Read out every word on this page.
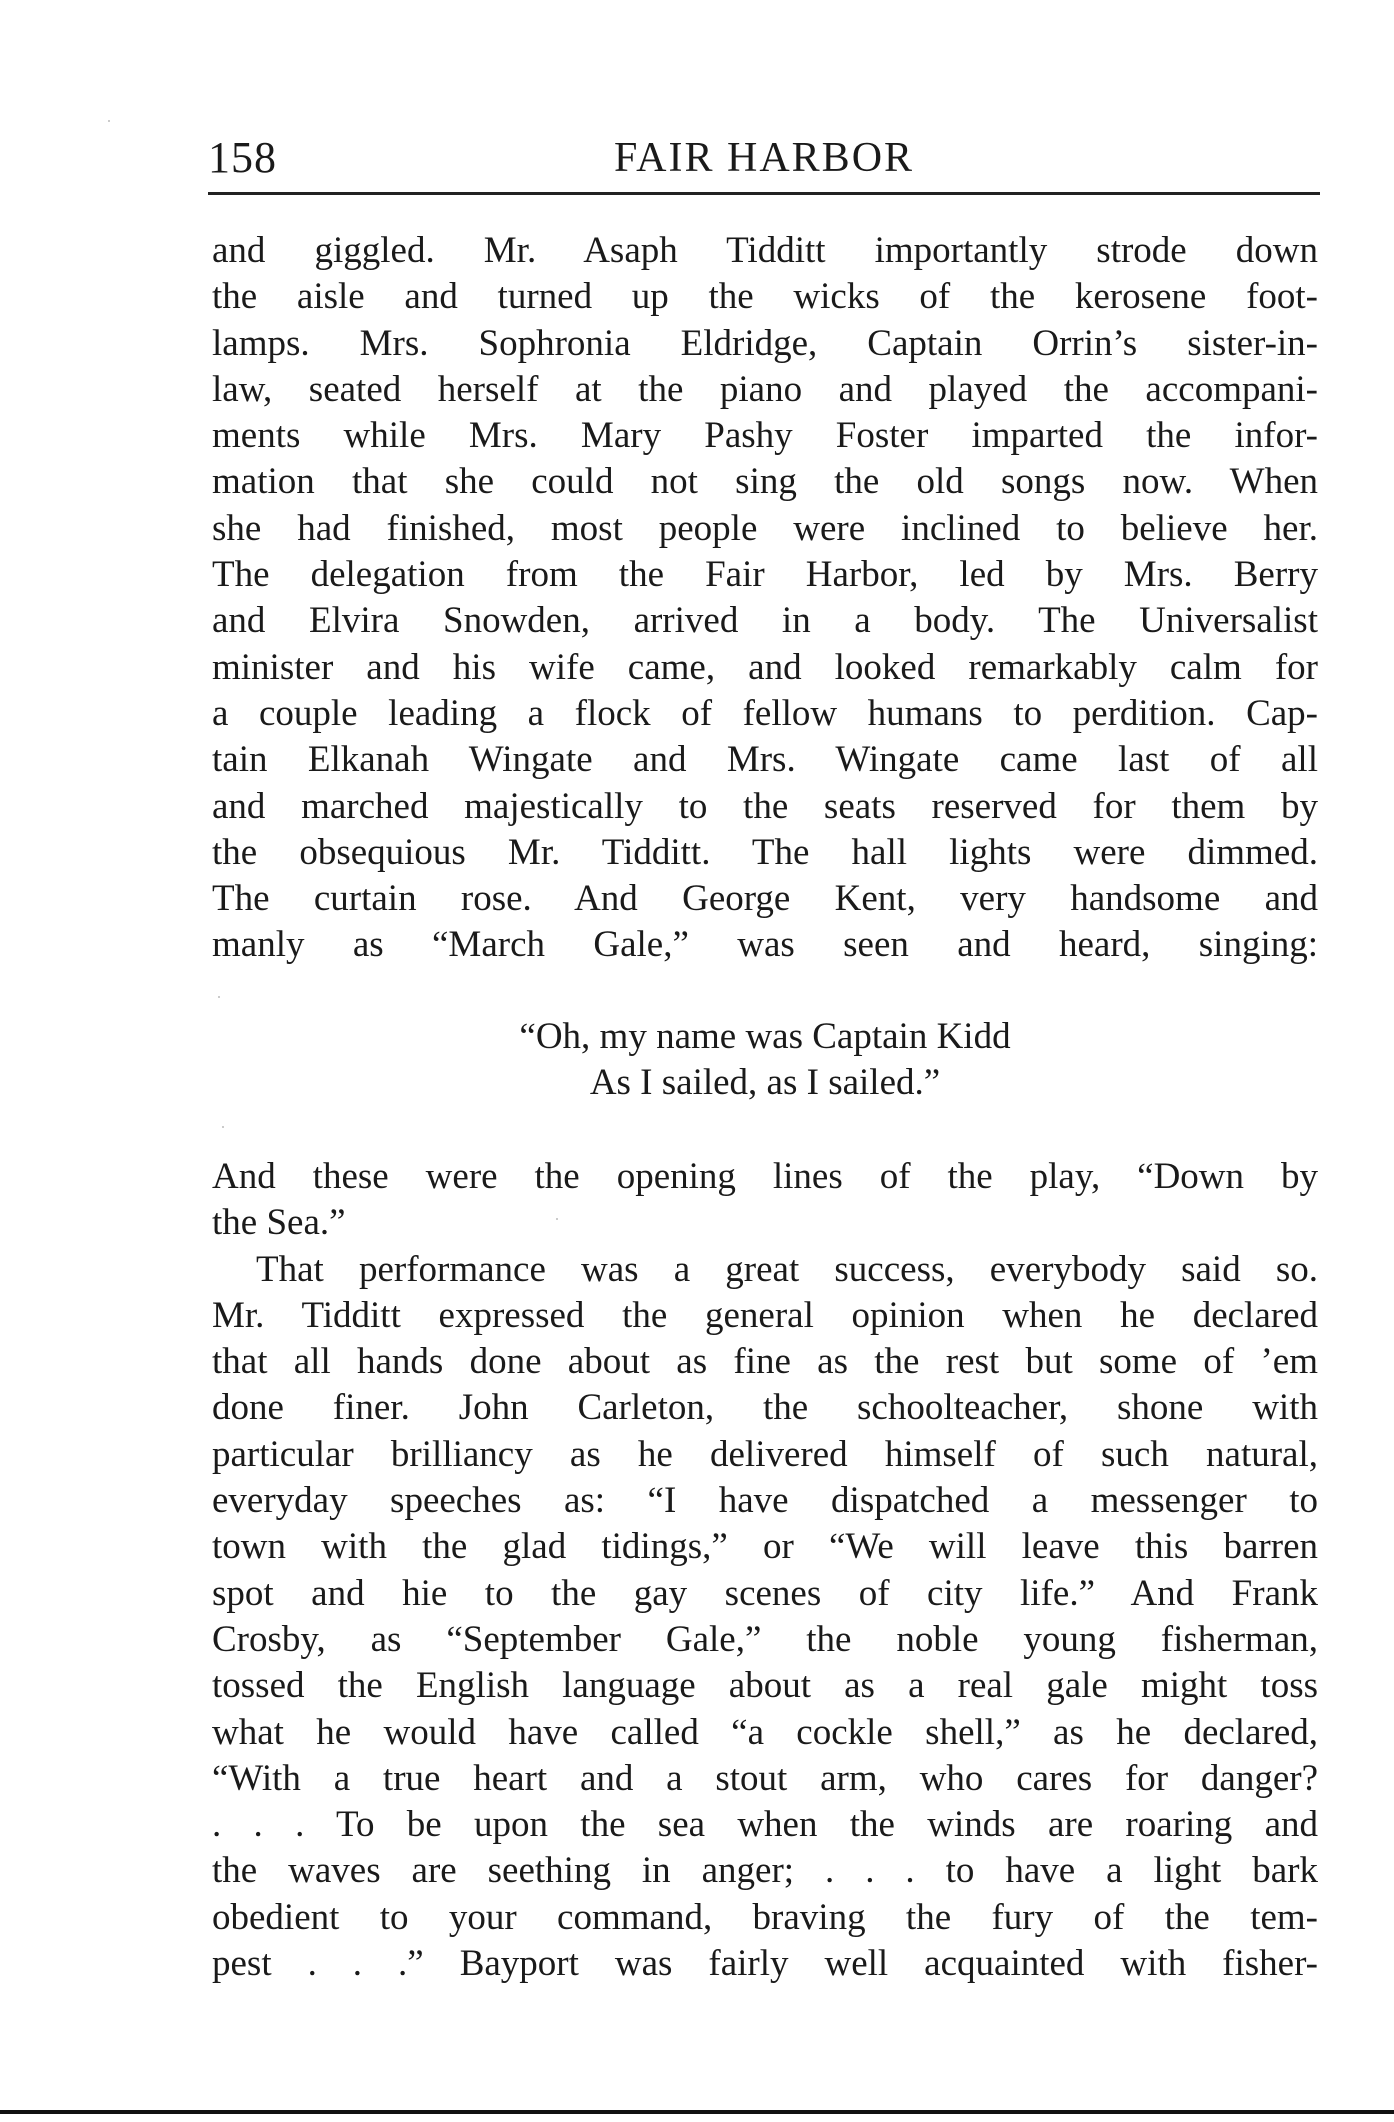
158	FAIR HARBOR
and giggled. Mr. Asaph Tidditt importantly strode down
the aisle and turned up the wicks of the kerosene foot-
lamps. Mrs. Sophronia Eldridge, Captain Orrin’s sister-in-
law, seated herself at the piano and played the accompani-
ments while Mrs. Mary Pashy Foster imparted the infor-
mation that she could not sing the old songs now. When
she had finished, most people were inclined to believe her.
The delegation from the Fair Harbor, led by Mrs. Berry
and Elvira Snowden, arrived in a body. The Universalist
minister and his wife came, and looked remarkably calm for
a couple leading a flock of fellow humans to perdition. Cap-
tain Elkanah Wingate and Mrs. Wingate came last of all
and marched majestically to the seats reserved for them by
the obsequious Mr. Tidditt. The hall lights were dimmed.
The curtain rose. And George Kent, very handsome and
manly as “March Gale,” was seen and heard, singing:
“Oh, my name was Captain Kidd
As I sailed, as I sailed.”
And these were the opening lines of the play, “Down by
the Sea.”
That performance was a great success, everybody said so.
Mr. Tidditt expressed the general opinion when he declared
that all hands done about as fine as the rest but some of ’em
done finer. John Carleton, the schoolteacher, shone with
particular brilliancy as he delivered himself of such natural,
everyday speeches as: “I have dispatched a messenger to
town with the glad tidings,” or “We will leave this barren
spot and hie to the gay scenes of city life.” And Frank
Crosby, as “September Gale,” the noble young fisherman,
tossed the English language about as a real gale might toss
what he would have called “a cockle shell,” as he declared,
“With a true heart and a stout arm, who cares for danger?
. . . To be upon the sea when the winds are roaring and
the waves are seething in anger; . . . to have a light bark
obedient to your command, braving the fury of the tem-
pest . . .” Bayport was fairly well acquainted with fisher-
